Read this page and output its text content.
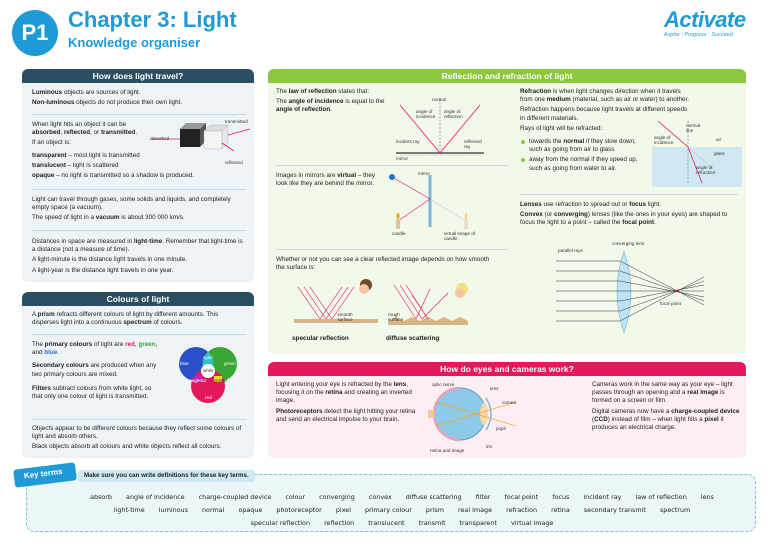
P1
Chapter 3: Light
Knowledge organiser
Activate
Aspire · Progress · Succeed
How does light travel?

Luminous objects are sources of light.

Non-luminous objects do not produce their own light.

When light hits an object it can be absorbed, reflected, or transmitted.

If an object is:

transparent – most light is transmitted

translucent – light is scattered

opaque – no light is transmitted so a shadow is produced.

absorbed
transmitted
reflected

Light can travel through gases, some solids and liquids, and completely empty space (a vacuum).

The speed of light in a vacuum is about 300 000 km/s.

Distances in space are measured in light-time. Remember that light-time is a distance (not a measure of time).

A light-minute is the distance light travels in one minute.

A light-year is the distance light travels in one year.

Colours of light

A prism refracts different colours of light by different amounts. This disperses light into a continuous spectrum of colours.

The primary colours of light are red, green, and blue.

Secondary colours are produced when any two primary colours are mixed.

Filters subtract colours from white light, so that only one colour of light is transmitted.

blue
cyan
green
white
magenta yellow
red

Objects appear to be different colours because they reflect some colours of light and absorb others.

Black objects absorb all colours and white objects reflect all colours.

Reflection and refraction of light

The law of reflection states that:

The angle of incidence is equal to the angle of reflection.

normal
angle of incidence
angle of reflection
incident ray	reflected ray
mirror

Images in mirrors are virtual – they look like they are behind the mirror.

mirror
candle	virtual image of candle

Whether or not you can see a clear reflected image depends on how smooth the surface is:

smooth surface
rough surface
specular reflection	diffuse scattering

Refraction is when light changes direction when it travels from one medium (material, such as air or water) to another.

Refraction happens because light travels at different speeds in different materials.

Rays of light will be refracted:

towards the normal if they slow down, such as going from air to glass
away from the normal if they speed up, such as going from water to air.
normal line
angle of incidence
air
glass
angle of refraction

Lenses use refraction to spread out or focus light.

Convex (or converging) lenses (like the ones in your eyes) are shaped to focus the light to a point – called the focal point.

converging lens
parallel rays
focal point
How do eyes and cameras work?

Light entering your eye is refracted by the lens, focusing it on the retina and creating an inverted image.

Photoreceptors detect the light hitting your retina and send an electrical impulse to your brain.

optic nerve
lens
cornea
pupil
iris
retina and image

Cameras work in the same way as your eye – light passes through an opening and a real image is formed on a screen or film.

Digital cameras now have a charge-coupled device (CCD) instead of film – when light hits a pixel it produces an electrical charge.

Key terms	Make sure you can write definitions for these key terms.
absorb angle of incidence charge-coupled device colour converging convex diffuse scattering filter focal point focus incident ray law of reflection lens light-time luminous normal opaque photoreceptor pixel primary colour prism real image refraction retina secondary transmit spectrum specular reflection reflection translucent transmit transparent virtual image
